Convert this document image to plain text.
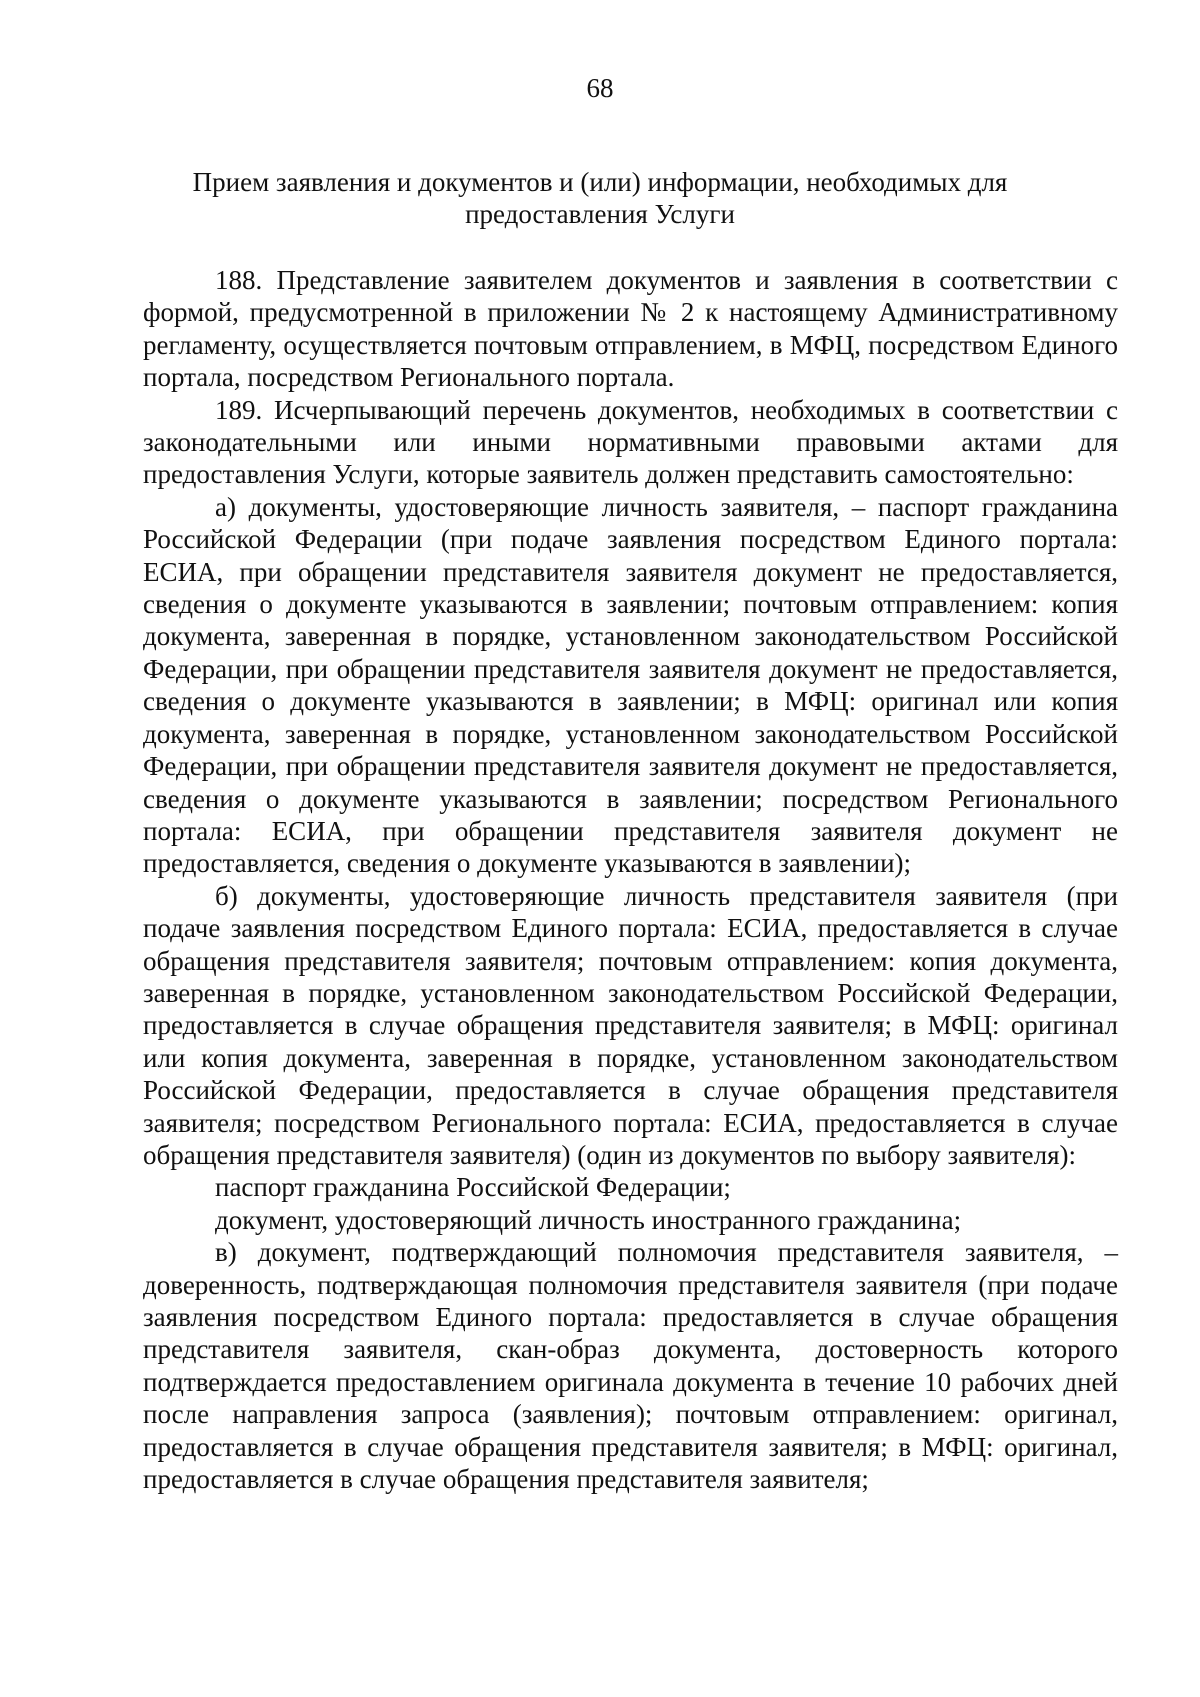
68
Прием заявления и документов и (или) информации, необходимых для
предоставления Услуги

188. Представление заявителем документов и заявления в соответствии с формой, предусмотренной в приложении № 2 к настоящему Административному регламенту, осуществляется почтовым отправлением, в МФЦ, посредством Единого портала, посредством Регионального портала.

189. Исчерпывающий перечень документов, необходимых в соответствии с законодательными или иными нормативными правовыми актами для предоставления Услуги, которые заявитель должен представить самостоятельно:

а) документы, удостоверяющие личность заявителя, – паспорт гражданина Российской Федерации (при подаче заявления посредством Единого портала: ЕСИА, при обращении представителя заявителя документ не предоставляется, сведения о документе указываются в заявлении; почтовым отправлением: копия документа, заверенная в порядке, установленном законодательством Российской Федерации, при обращении представителя заявителя документ не предоставляется, сведения о документе указываются в заявлении; в МФЦ: оригинал или копия документа, заверенная в порядке, установленном законодательством Российской Федерации, при обращении представителя заявителя документ не предоставляется, сведения о документе указываются в заявлении; посредством Регионального портала: ЕСИА, при обращении представителя заявителя документ не предоставляется, сведения о документе указываются в заявлении);

б) документы, удостоверяющие личность представителя заявителя (при подаче заявления посредством Единого портала: ЕСИА, предоставляется в случае обращения представителя заявителя; почтовым отправлением: копия документа, заверенная в порядке, установленном законодательством Российской Федерации, предоставляется в случае обращения представителя заявителя; в МФЦ: оригинал или копия документа, заверенная в порядке, установленном законодательством Российской Федерации, предоставляется в случае обращения представителя заявителя; посредством Регионального портала: ЕСИА, предоставляется в случае обращения представителя заявителя) (один из документов по выбору заявителя):

паспорт гражданина Российской Федерации;

документ, удостоверяющий личность иностранного гражданина;

в) документ, подтверждающий полномочия представителя заявителя, – доверенность, подтверждающая полномочия представителя заявителя (при подаче заявления посредством Единого портала: предоставляется в случае обращения представителя заявителя, скан-образ документа, достоверность которого подтверждается предоставлением оригинала документа в течение 10 рабочих дней после направления запроса (заявления); почтовым отправлением: оригинал, предоставляется в случае обращения представителя заявителя; в МФЦ: оригинал, предоставляется в случае обращения представителя заявителя;
